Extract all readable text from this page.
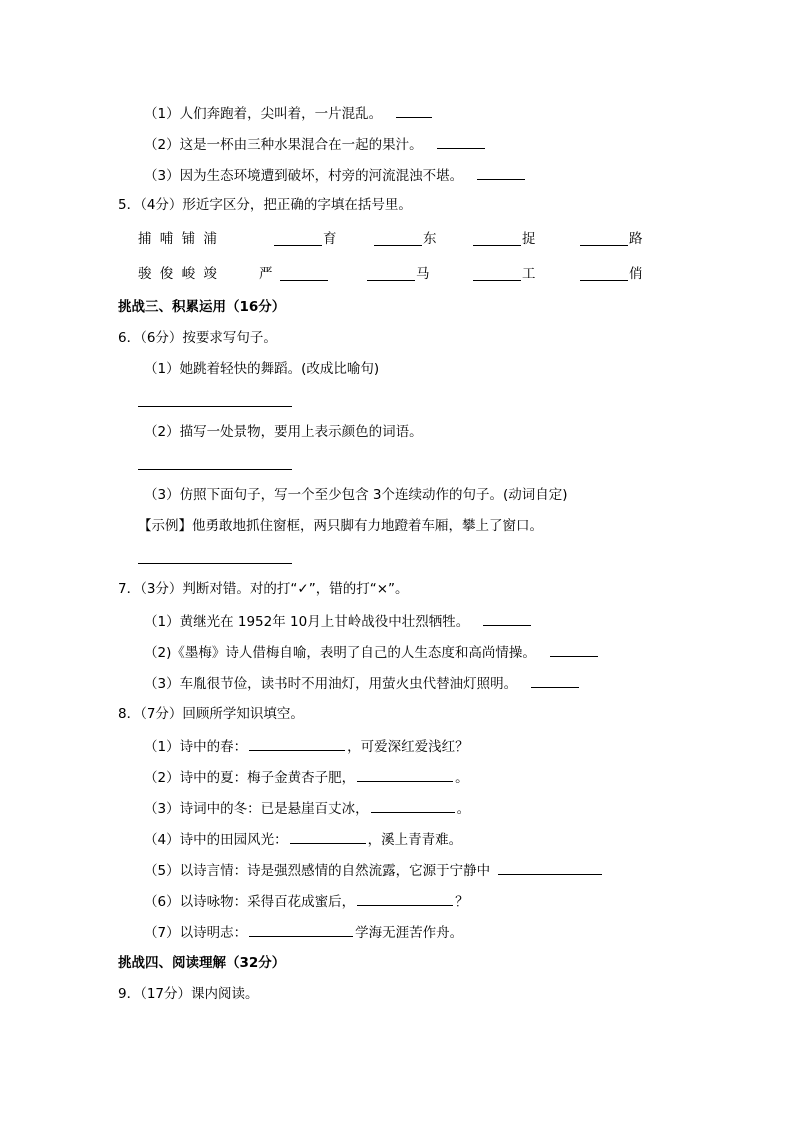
（1）人们奔跑着，尖叫着，一片混乱。
（2）这是一杯由三种水果混合在一起的果汁。
（3）因为生态环境遭到破坏，村旁的河流混浊不堪。
5．（4分）形近字区分，把正确的字填在括号里。
捕 哺 铺 浦	育	东	捉	路
骏 俊 峻 竣	严	马	工	俏
挑战三、积累运用（16分）
6．（6分）按要求写句子。
（1）她跳着轻快的舞蹈。(改成比喻句)
（2）描写一处景物，要用上表示颜色的词语。
（3）仿照下面句子，写一个至少包含 3个连续动作的句子。(动词自定)
【示例】他勇敢地抓住窗框，两只脚有力地蹬着车厢，攀上了窗口。
7．（3分）判断对错。对的打“✓”，错的打“×”。
（1）黄继光在 1952年 10月上甘岭战役中壮烈牺牲。
（2)《墨梅》诗人借梅自喻，表明了自己的人生态度和高尚情操。
（3）车胤很节俭，读书时不用油灯，用萤火虫代替油灯照明。
8．（7分）回顾所学知识填空。
（1）诗中的春：	，可爱深红爱浅红？
（2）诗中的夏：梅子金黄杏子肥，	。
（3）诗词中的冬：已是悬崖百丈冰，	。
（4）诗中的田园风光：	，溪上青青难。
（5）以诗言情：诗是强烈感情的自然流露，它源于宁静中
（6）以诗咏物：采得百花成蜜后，	？
（7）以诗明志：	学海无涯苦作舟。
挑战四、阅读理解（32分）
9．（17分）课内阅读。
